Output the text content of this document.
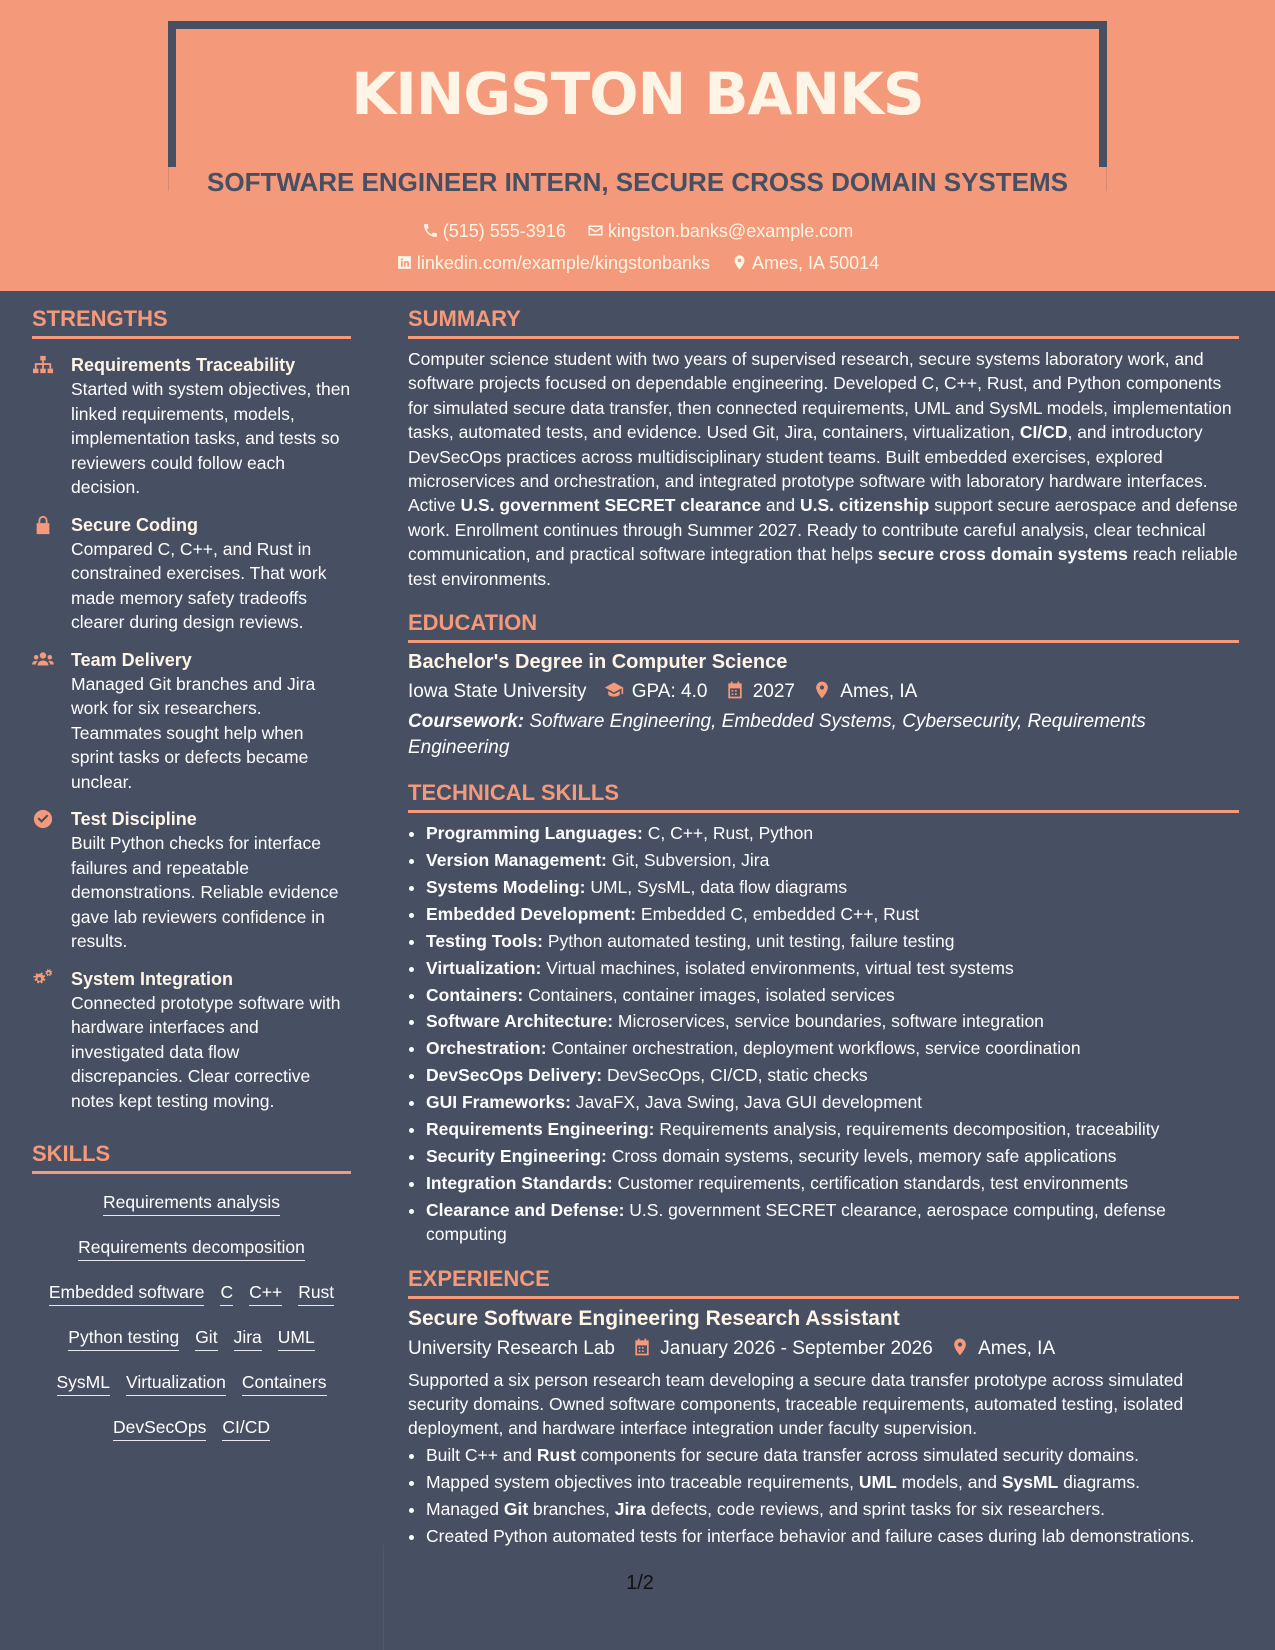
KINGSTON BANKS
SOFTWARE ENGINEER INTERN, SECURE CROSS DOMAIN SYSTEMS
(515) 555-3916 kingston.banks@example.com
linkedin.com/example/kingstonbanks Ames, IA 50014
STRENGTHS
Requirements Traceability

Started with system objectives, then linked requirements, models, implementation tasks, and tests so reviewers could follow each decision.

Secure Coding

Compared C, C++, and Rust in constrained exercises. That work made memory safety tradeoffs clearer during design reviews.

Team Delivery

Managed Git branches and Jira work for six researchers. Teammates sought help when sprint tasks or defects became unclear.

Test Discipline

Built Python checks for interface failures and repeatable demonstrations. Reliable evidence gave lab reviewers confidence in results.

System Integration

Connected prototype software with hardware interfaces and investigated data flow discrepancies. Clear corrective notes kept testing moving.

SKILLS
Requirements analysis
Requirements decomposition
Embedded software C C++ Rust
Python testing Git Jira UML
SysML Virtualization Containers
DevSecOps CI/CD
SUMMARY

Computer science student with two years of supervised research, secure systems laboratory work, and software projects focused on dependable engineering. Developed C, C++, Rust, and Python components for simulated secure data transfer, then connected requirements, UML and SysML models, implementation tasks, automated tests, and evidence. Used Git, Jira, containers, virtualization, CI/CD, and introductory DevSecOps practices across multidisciplinary student teams. Built embedded exercises, explored microservices and orchestration, and integrated prototype software with laboratory hardware interfaces. Active U.S. government SECRET clearance and U.S. citizenship support secure aerospace and defense work. Enrollment continues through Summer 2027. Ready to contribute careful analysis, clear technical communication, and practical software integration that helps secure cross domain systems reach reliable test environments.

EDUCATION
Bachelor's Degree in Computer Science
Iowa State University GPA: 4.0 2027 Ames, IA
Coursework: Software Engineering, Embedded Systems, Cybersecurity, Requirements Engineering
TECHNICAL SKILLS
• Programming Languages: C, C++, Rust, Python
• Version Management: Git, Subversion, Jira
• Systems Modeling: UML, SysML, data flow diagrams
• Embedded Development: Embedded C, embedded C++, Rust
• Testing Tools: Python automated testing, unit testing, failure testing
• Virtualization: Virtual machines, isolated environments, virtual test systems
• Containers: Containers, container images, isolated services
• Software Architecture: Microservices, service boundaries, software integration
• Orchestration: Container orchestration, deployment workflows, service coordination
• DevSecOps Delivery: DevSecOps, CI/CD, static checks
• GUI Frameworks: JavaFX, Java Swing, Java GUI development
• Requirements Engineering: Requirements analysis, requirements decomposition, traceability
• Security Engineering: Cross domain systems, security levels, memory safe applications
• Integration Standards: Customer requirements, certification standards, test environments
• Clearance and Defense: U.S. government SECRET clearance, aerospace computing, defense computing
EXPERIENCE
Secure Software Engineering Research Assistant
University Research Lab January 2026 - September 2026 Ames, IA

Supported a six person research team developing a secure data transfer prototype across simulated security domains. Owned software components, traceable requirements, automated testing, isolated deployment, and hardware interface integration under faculty supervision.

• Built C++ and Rust components for secure data transfer across simulated security domains.
• Mapped system objectives into traceable requirements, UML models, and SysML diagrams.
• Managed Git branches, Jira defects, code reviews, and sprint tasks for six researchers.
• Created Python automated tests for interface behavior and failure cases during lab demonstrations.
1/2
